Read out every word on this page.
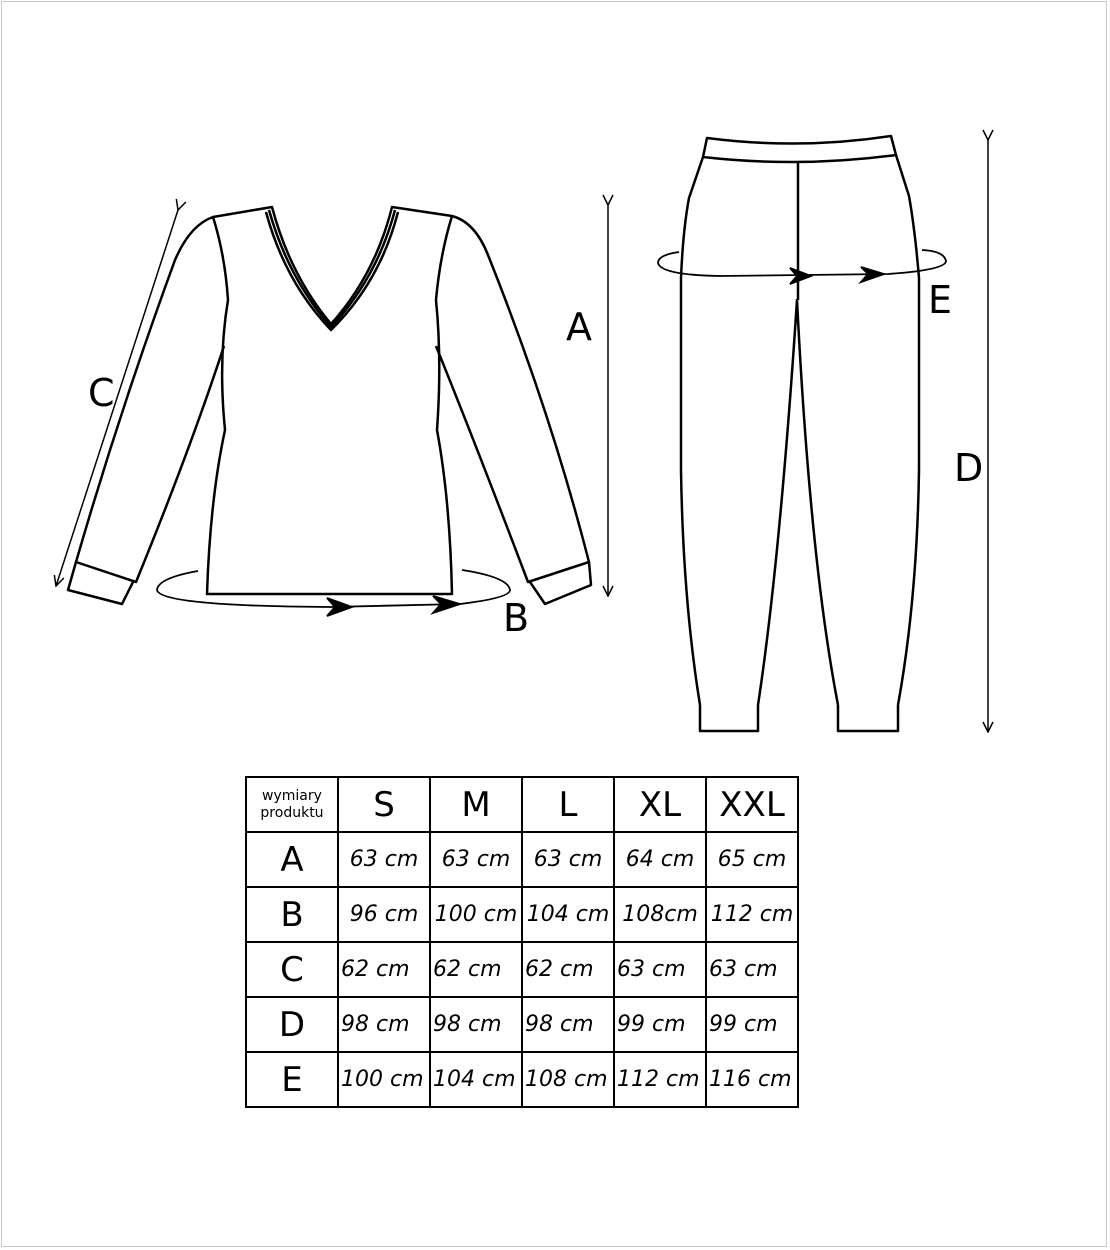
A
B
C
D
E
wymiary
produktu	S	M	L	XL	XXL
A	63 cm	63 cm	63 cm	64 cm	65 cm
B	96 cm	100 cm	104 cm	108cm	112 cm
C	62 cm	62 cm	62 cm	63 cm	63 cm
D	98 cm	98 cm	98 cm	99 cm	99 cm
E	100 cm	104 cm	108 cm	112 cm	116 cm
